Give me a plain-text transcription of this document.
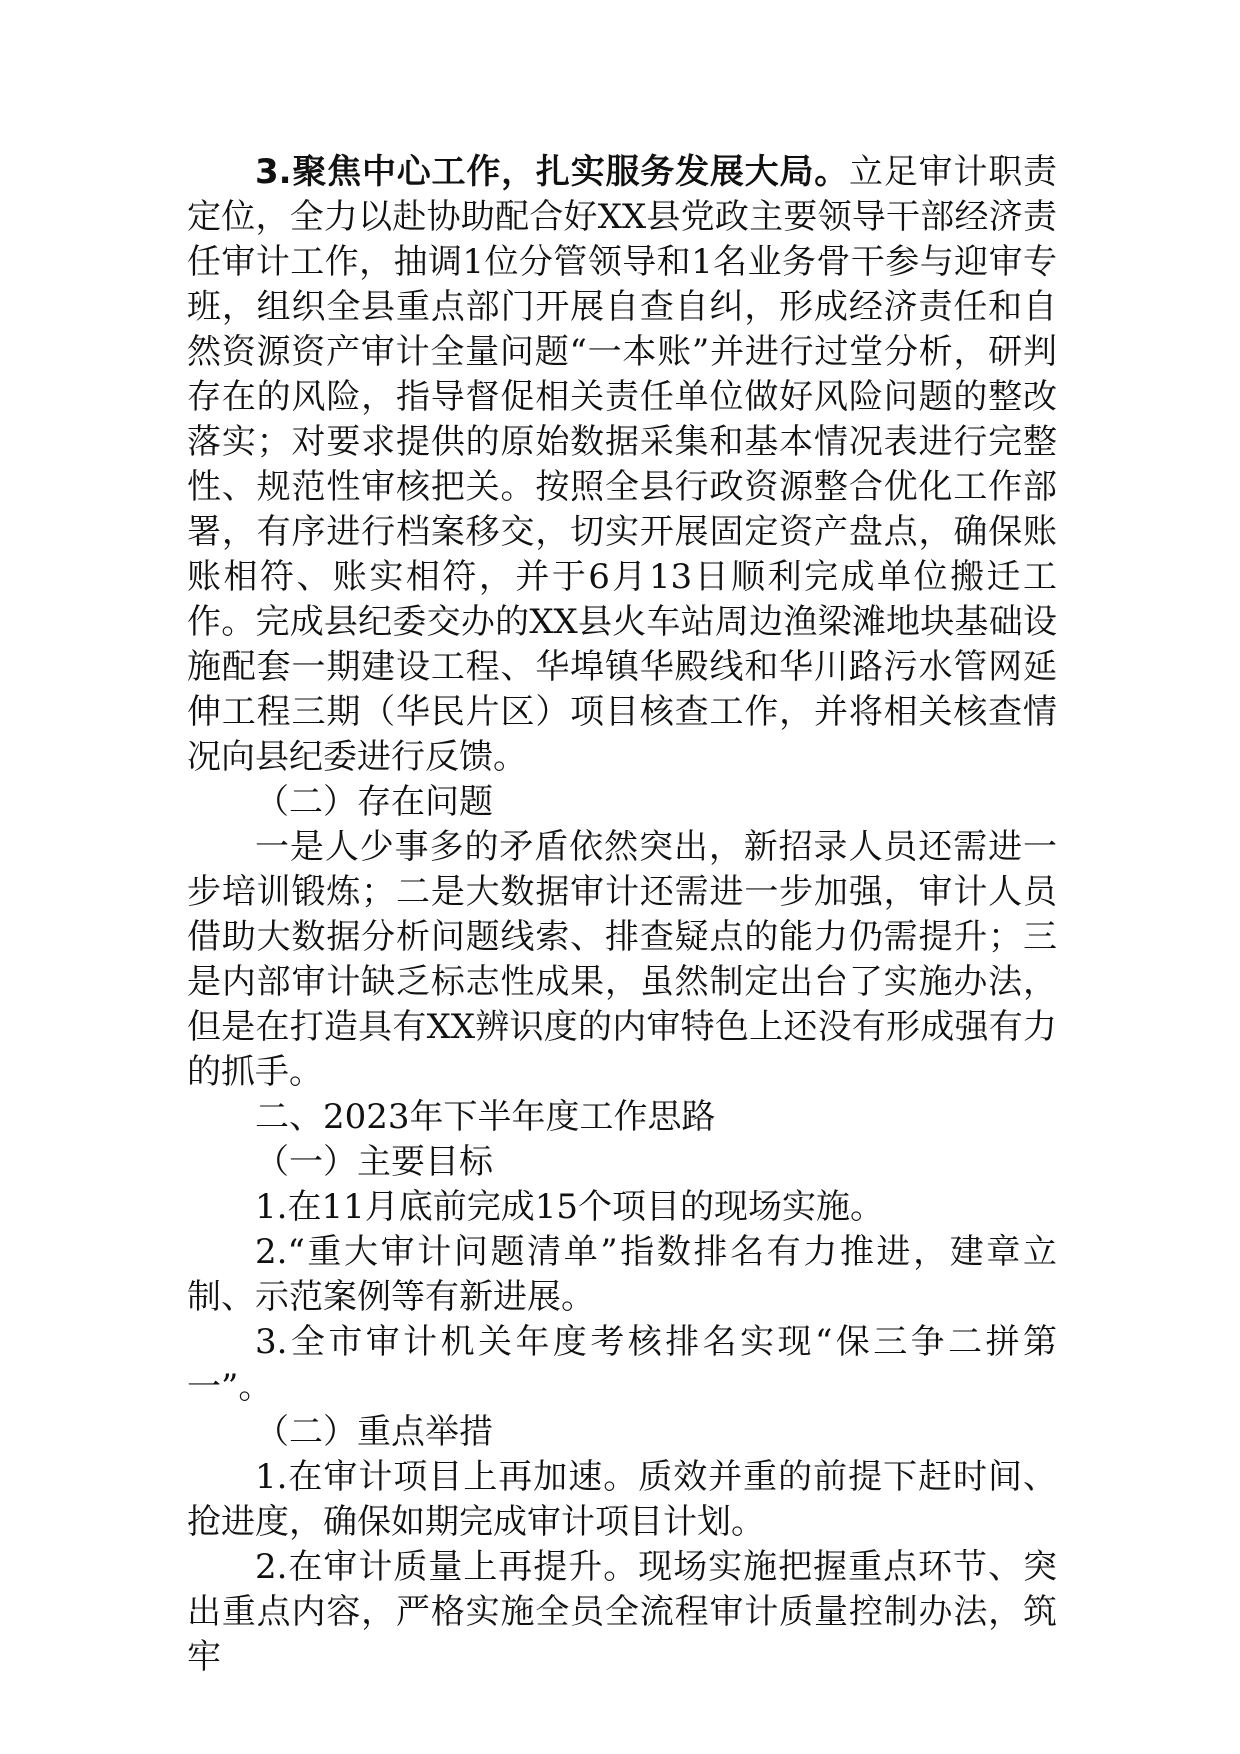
3.聚焦中心工作，扎实服务发展大局。立足审计职责定位，全力以赴协助配合好XX县党政主要领导干部经济责任审计工作，抽调1位分管领导和1名业务骨干参与迎审专班，组织全县重点部门开展自查自纠，形成经济责任和自然资源资产审计全量问题“一本账”并进行过堂分析，研判存在的风险，指导督促相关责任单位做好风险问题的整改落实；对要求提供的原始数据采集和基本情况表进行完整性、规范性审核把关。按照全县行政资源整合优化工作部署，有序进行档案移交，切实开展固定资产盘点，确保账账相符、账实相符，并于6月13日顺利完成单位搬迁工作。完成县纪委交办的XX县火车站周边渔梁滩地块基础设施配套一期建设工程、华埠镇华殿线和华川路污水管网延伸工程三期（华民片区）项目核查工作，并将相关核查情况向县纪委进行反馈。

（二）存在问题

一是人少事多的矛盾依然突出，新招录人员还需进一步培训锻炼；二是大数据审计还需进一步加强，审计人员借助大数据分析问题线索、排查疑点的能力仍需提升；三是内部审计缺乏标志性成果，虽然制定出台了实施办法，但是在打造具有XX辨识度的内审特色上还没有形成强有力的抓手。

二、2023年下半年度工作思路

（一）主要目标

1.在11月底前完成15个项目的现场实施。

2.“重大审计问题清单”指数排名有力推进，建章立制、示范案例等有新进展。

3.全市审计机关年度考核排名实现“保三争二拼第一”。

（二）重点举措

1.在审计项目上再加速。质效并重的前提下赶时间、抢进度，确保如期完成审计项目计划。

2.在审计质量上再提升。现场实施把握重点环节、突出重点内容，严格实施全员全流程审计质量控制办法，筑牢
